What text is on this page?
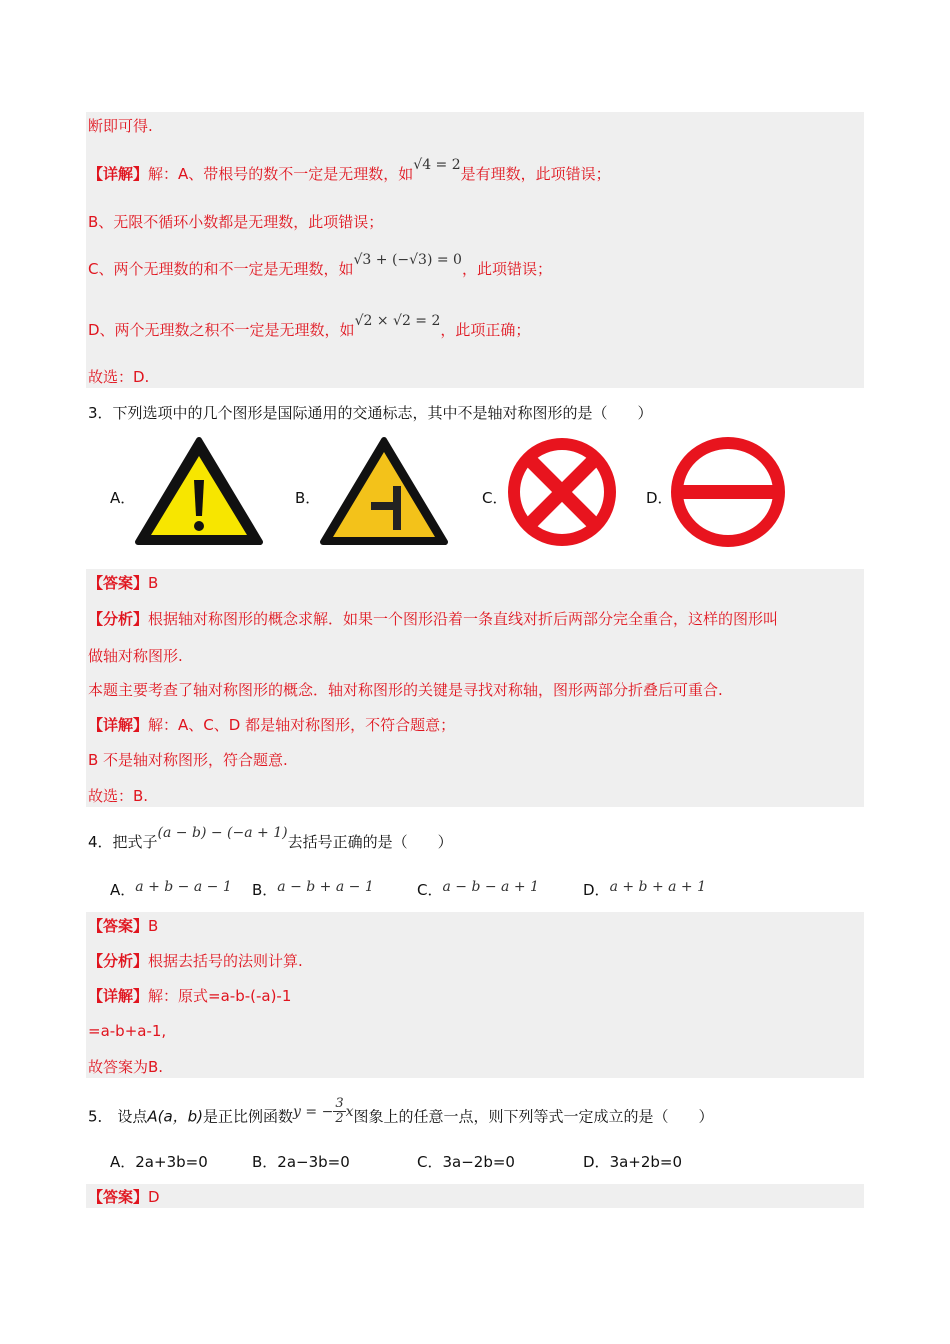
断即可得.
【详解】解：A、带根号的数不一定是无理数，如√4 = 2是有理数，此项错误；
B、无限不循环小数都是无理数，此项错误；
C、两个无理数的和不一定是无理数，如√3 + (−√3) = 0，此项错误；
D、两个无理数之积不一定是无理数，如√2 × √2 = 2，此项正确；
故选：D.
3．下列选项中的几个图形是国际通用的交通标志，其中不是轴对称图形的是（　　）
A．	B．	C．	D．
【答案】B
【分析】根据轴对称图形的概念求解．如果一个图形沿着一条直线对折后两部分完全重合，这样的图形叫
做轴对称图形.
本题主要考查了轴对称图形的概念．轴对称图形的关键是寻找对称轴，图形两部分折叠后可重合.
【详解】解：A、C、D 都是轴对称图形，不符合题意；
B 不是轴对称图形，符合题意.
故选：B.
4．把式子(a − b) − (−a + 1)去括号正确的是（　　）
A．a + b − a − 1 B．a − b + a − 1	C．a − b − a + 1	D．a + b + a + 1
【答案】B
【分析】根据去括号的法则计算.
【详解】解：原式=a-b-(-a)-1
=a-b+a-1,
故答案为B.
5． 设点A(a，b)是正比例函数y = − $\frac{3}{2}$ x图象上的任意一点，则下列等式一定成立的是（　　）
A．2a+3b=0	B．2a−3b=0	C．3a−2b=0	D．3a+2b=0
【答案】D
